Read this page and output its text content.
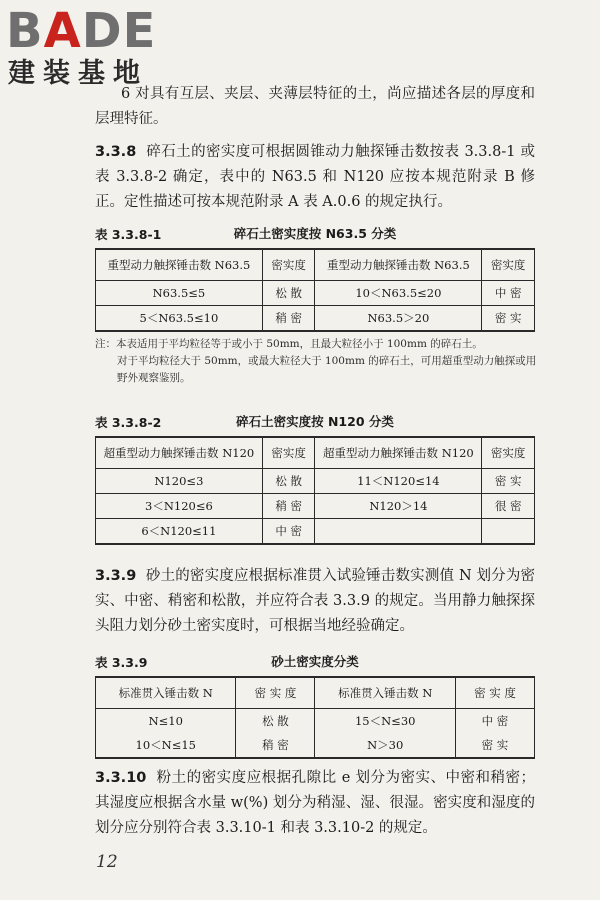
BADE
建装基地
6 对具有互层、夹层、夹薄层特征的土，尚应描述各层的厚度和层理特征。
3.3.8 碎石土的密实度可根据圆锥动力触探锤击数按表 3.3.8-1 或表 3.3.8-2 确定，表中的 N63.5 和 N120 应按本规范附录 B 修正。定性描述可按本规范附录 A 表 A.0.6 的规定执行。
表 3.3.8-1	碎石土密实度按 N63.5 分类
重型动力触探锤击数 N63.5	密实度	重型动力触探锤击数 N63.5	密实度
N63.5≤5	松 散	10＜N63.5≤20	中 密
5＜N63.5≤10	稍 密	N63.5＞20	密 实
注：本表适用于平均粒径等于或小于 50mm，且最大粒径小于 100mm 的碎石土。
对于平均粒径大于 50mm，或最大粒径大于 100mm 的碎石土，可用超重型动力触探或用野外观察鉴别。
表 3.3.8-2	碎石土密实度按 N120 分类
超重型动力触探锤击数 N120	密实度	超重型动力触探锤击数 N120	密实度
N120≤3	松 散	11＜N120≤14	密 实
3＜N120≤6	稍 密	N120＞14	很 密
6＜N120≤11	中 密		
3.3.9 砂土的密实度应根据标准贯入试验锤击数实测值 N 划分为密实、中密、稍密和松散，并应符合表 3.3.9 的规定。当用静力触探探头阻力划分砂土密实度时，可根据当地经验确定。
表 3.3.9	砂土密实度分类
标准贯入锤击数 N	密 实 度	标准贯入锤击数 N	密 实 度
N≤10	松 散	15＜N≤30	中 密
10＜N≤15	稍 密	N＞30	密 实
3.3.10 粉土的密实度应根据孔隙比 e 划分为密实、中密和稍密；其湿度应根据含水量 w(%) 划分为稍湿、湿、很湿。密实度和湿度的划分应分别符合表 3.3.10-1 和表 3.3.10-2 的规定。
12
